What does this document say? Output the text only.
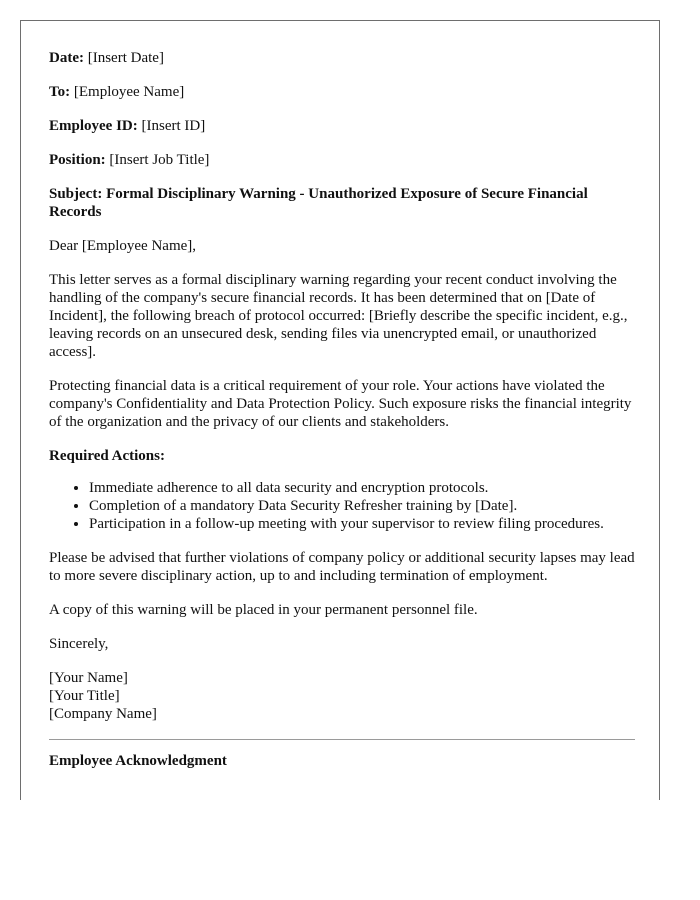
Date: [Insert Date]

To: [Employee Name]

Employee ID: [Insert ID]

Position: [Insert Job Title]

Subject: Formal Disciplinary Warning - Unauthorized Exposure of Secure Financial Records

Dear [Employee Name],

This letter serves as a formal disciplinary warning regarding your recent conduct involving the handling of the company's secure financial records. It has been determined that on [Date of Incident], the following breach of protocol occurred: [Briefly describe the specific incident, e.g., leaving records on an unsecured desk, sending files via unencrypted email, or unauthorized access].

Protecting financial data is a critical requirement of your role. Your actions have violated the company's Confidentiality and Data Protection Policy. Such exposure risks the financial integrity of the organization and the privacy of our clients and stakeholders.

Required Actions:

• Immediate adherence to all data security and encryption protocols.
• Completion of a mandatory Data Security Refresher training by [Date].
• Participation in a follow-up meeting with your supervisor to review filing procedures.

Please be advised that further violations of company policy or additional security lapses may lead to more severe disciplinary action, up to and including termination of employment.

A copy of this warning will be placed in your permanent personnel file.

Sincerely,

[Your Name]
[Your Title]
[Company Name]

Employee Acknowledgment
